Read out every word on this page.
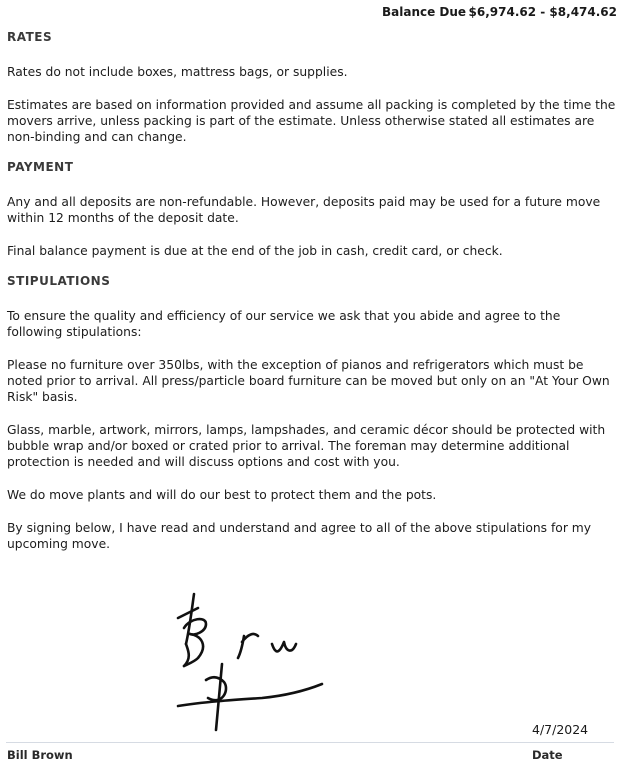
Balance Due $6,974.62 - $8,474.62
RATES

Rates do not include boxes, mattress bags, or supplies.

Estimates are based on information provided and assume all packing is completed by the time the movers arrive, unless packing is part of the estimate. Unless otherwise stated all estimates are non-binding and can change.

PAYMENT

Any and all deposits are non-refundable. However, deposits paid may be used for a future move within 12 months of the deposit date.

Final balance payment is due at the end of the job in cash, credit card, or check.

STIPULATIONS

To ensure the quality and efficiency of our service we ask that you abide and agree to the following stipulations:

Please no furniture over 350lbs, with the exception of pianos and refrigerators which must be noted prior to arrival. All press/particle board furniture can be moved but only on an "At Your Own Risk" basis.

Glass, marble, artwork, mirrors, lamps, lampshades, and ceramic décor should be protected with bubble wrap and/or boxed or crated prior to arrival. The foreman may determine additional protection is needed and will discuss options and cost with you.

We do move plants and will do our best to protect them and the pots.

By signing below, I have read and understand and agree to all of the above stipulations for my upcoming move.

4/7/2024
Bill Brown	Date
